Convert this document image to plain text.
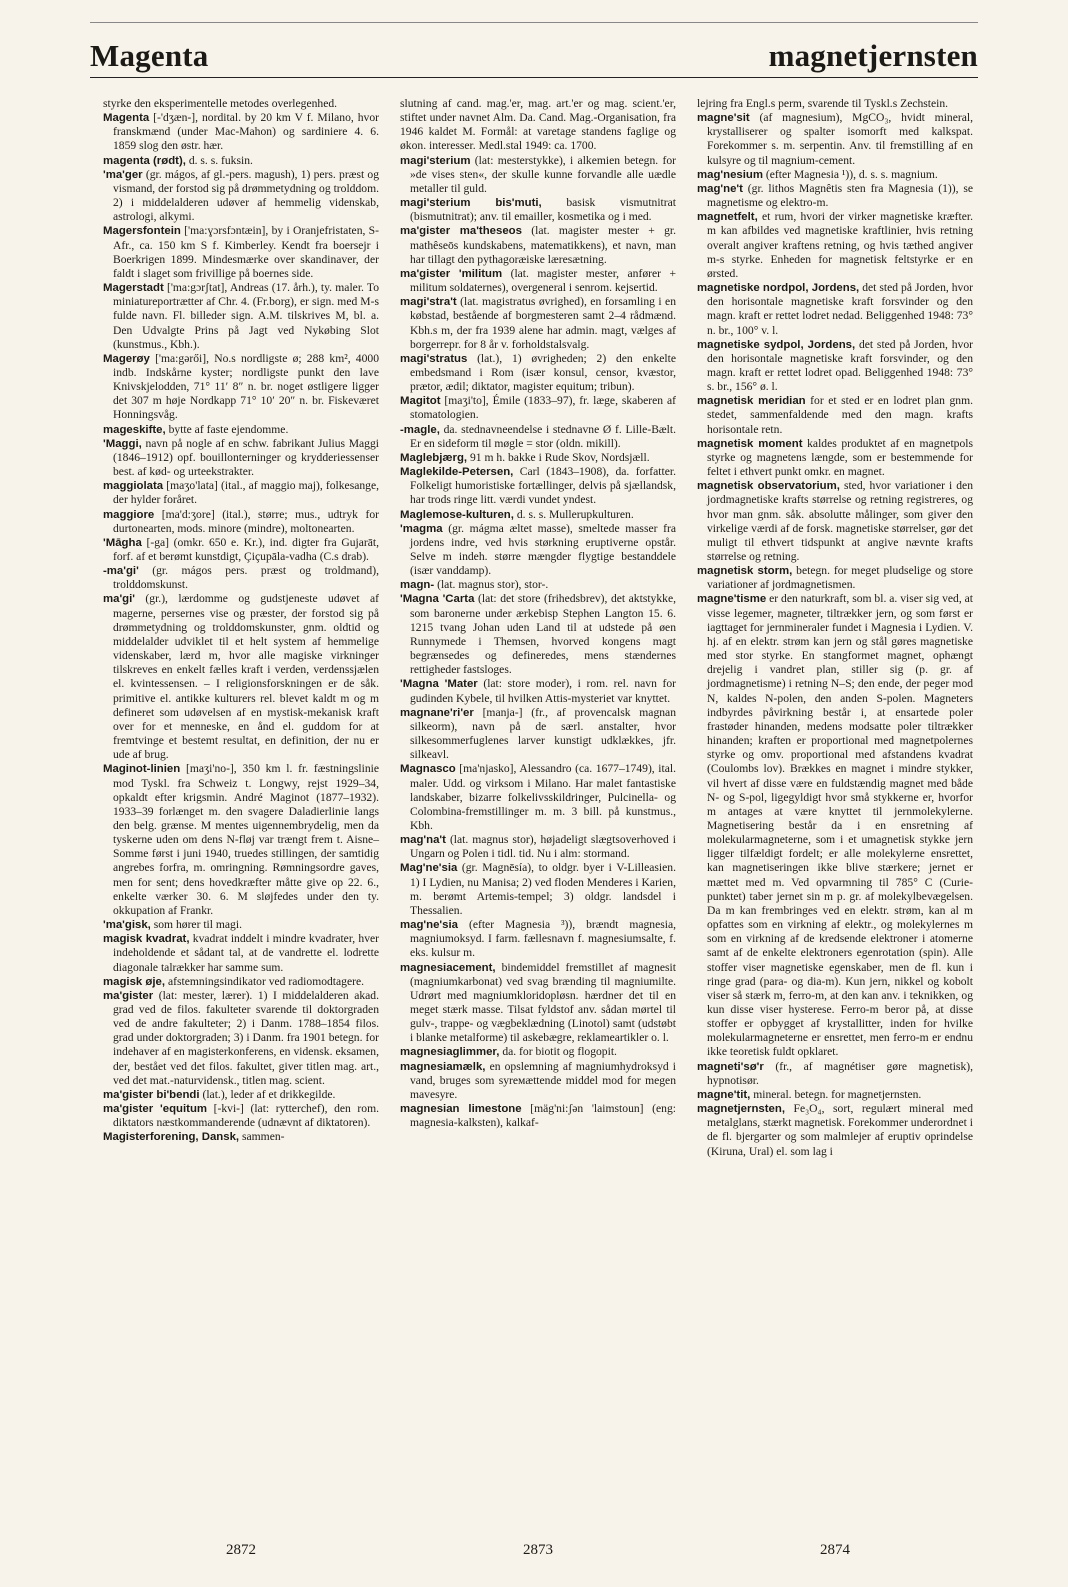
Magenta	magnetjernsten

styrke den eksperimentelle metodes overlegenhed.

Magenta [-'dʒæn-], nordital. by 20 km V f. Milano, hvor franskmænd (under Mac-Mahon) og sardiniere 4. 6. 1859 slog den østr. hær.

magenta (rødt), d. s. s. fuksin.

'ma'ger (gr. mágos, af gl.-pers. magush), 1) pers. præst og vismand, der forstod sig på drømmetydning og trolddom. 2) i middelalderen udøver af hemmelig videnskab, astrologi, alkymi.

Magersfontein ['ma:ɣɔrsfɔntæin], by i Oranjefristaten, S-Afr., ca. 150 km S f. Kimberley. Kendt fra boersejr i Boerkrigen 1899. Mindesmærke over skandinaver, der faldt i slaget som frivillige på boernes side.

Magerstadt ['ma:gɔrʃtat], Andreas (17. årh.), ty. maler. To miniatureportrætter af Chr. 4. (Fr.borg), er sign. med M-s fulde navn. Fl. billeder sign. A.M. tilskrives M, bl. a. Den Udvalgte Prins på Jagt ved Nykøbing Slot (kunstmus., Kbh.).

Magerøy ['ma:gərői], No.s nordligste ø; 288 km², 4000 indb. Indskårne kyster; nordligste punkt den lave Knivskjelodden, 71° 11′ 8″ n. br. noget østligere ligger det 307 m høje Nordkapp 71° 10′ 20″ n. br. Fiskeværet Honningsvåg.

mageskifte, bytte af faste ejendomme.

'Maggi, navn på nogle af en schw. fabrikant Julius Maggi (1846–1912) opf. bouillonterninger og krydderiessenser best. af kød- og urteekstrakter.

maggiolata [maʒo'lata] (ital., af maggio maj), folkesange, der hylder foråret.

maggiore [ma'd:ʒore] (ital.), større; mus., udtryk for durtonearten, mods. minore (mindre), moltonearten.

'Māgha [-ga] (omkr. 650 e. Kr.), ind. digter fra Gujarāt, forf. af et berømt kunstdigt, Çiçupāla-vadha (C.s drab).

-ma'gi' (gr. mágos pers. præst og troldmand), trolddomskunst.

ma'gi' (gr.), lærdomme og gudstjeneste udøvet af magerne, persernes vise og præster, der forstod sig på drømmetydning og trolddomskunster, gnm. oldtid og middelalder udviklet til et helt system af hemmelige videnskaber, lærd m, hvor alle magiske virkninger tilskreves en enkelt fælles kraft i verden, verdenssjælen el. kvintessensen. – I religionsforskningen er de såk. primitive el. antikke kulturers rel. blevet kaldt m og m defineret som udøvelsen af en mystisk-mekanisk kraft over for et menneske, en ånd el. guddom for at fremtvinge et bestemt resultat, en definition, der nu er ude af brug.

Maginot-linien [maʒi'no-], 350 km l. fr. fæstningslinie mod Tyskl. fra Schweiz t. Longwy, rejst 1929–34, opkaldt efter krigsmin. André Maginot (1877–1932). 1933–39 forlænget m. den svagere Daladierlinie langs den belg. grænse. M mentes uigennembrydelig, men da tyskerne uden om dens N-fløj var trængt frem t. Aisne–Somme først i juni 1940, truedes stillingen, der samtidig angrebes forfra, m. omringning. Rømningsordre gaves, men for sent; dens hovedkræfter måtte give op 22. 6., enkelte værker 30. 6. M sløjfedes under den ty. okkupation af Frankr.

'ma'gisk, som hører til magi.

magisk kvadrat, kvadrat inddelt i mindre kvadrater, hver indeholdende et sådant tal, at de vandrette el. lodrette diagonale talrækker har samme sum.

magisk øje, afstemningsindikator ved radiomodtagere.

ma'gister (lat: mester, lærer). 1) I middelalderen akad. grad ved de filos. fakulteter svarende til doktorgraden ved de andre fakulteter; 2) i Danm. 1788–1854 filos. grad under doktorgraden; 3) i Danm. fra 1901 betegn. for indehaver af en magisterkonferens, en vidensk. eksamen, der, bestået ved det filos. fakultet, giver titlen mag. art., ved det mat.-naturvidensk., titlen mag. scient.

ma'gister bi'bendi (lat.), leder af et drikkegilde.

ma'gister 'equitum [-kvi-] (lat: rytterchef), den rom. diktators næstkommanderende (udnævnt af diktatoren).

Magisterforening, Dansk, sammen-

slutning af cand. mag.'er, mag. art.'er og mag. scient.'er, stiftet under navnet Alm. Da. Cand. Mag.-Organisation, fra 1946 kaldet M. Formål: at varetage standens faglige og økon. interesser. Medl.stal 1949: ca. 1700.

magi'sterium (lat: mesterstykke), i alkemien betegn. for »de vises sten«, der skulle kunne forvandle alle uædle metaller til guld.

magi'sterium bis'muti, basisk vismutnitrat (bismutnitrat); anv. til emailler, kosmetika og i med.

ma'gister ma'theseos (lat. magister mester + gr. mathêseōs kundskabens, matematikkens), et navn, man har tillagt den pythagoræiske læresætning.

ma'gister 'militum (lat. magister mester, anfører + militum soldaternes), overgeneral i senrom. kejsertid.

magi'stra't (lat. magistratus øvrighed), en forsamling i en købstad, bestående af borgmesteren samt 2–4 rådmænd. Kbh.s m, der fra 1939 alene har admin. magt, vælges af borgerrepr. for 8 år v. forholdstalsvalg.

magi'stratus (lat.), 1) øvrigheden; 2) den enkelte embedsmand i Rom (især konsul, censor, kvæstor, prætor, ædil; diktator, magister equitum; tribun).

Magitot [maʒi'to], Émile (1833–97), fr. læge, skaberen af stomatologien.

-magle, da. stednavneendelse i stednavne Ø f. Lille-Bælt. Er en sideform til møgle = stor (oldn. mikill).

Maglebjærg, 91 m h. bakke i Rude Skov, Nordsjæll.

Maglekilde-Petersen, Carl (1843–1908), da. forfatter. Folkeligt humoristiske fortællinger, delvis på sjællandsk, har trods ringe litt. værdi vundet yndest.

Maglemose-kulturen, d. s. s. Mullerupkulturen.

'magma (gr. mágma æltet masse), smeltede masser fra jordens indre, ved hvis størkning eruptiverne opstår. Selve m indeh. større mængder flygtige bestanddele (især vanddamp).

magn- (lat. magnus stor), stor-.

'Magna 'Carta (lat: det store (frihedsbrev), det aktstykke, som baronerne under ærkebisp Stephen Langton 15. 6. 1215 tvang Johan uden Land til at udstede på øen Runnymede i Themsen, hvorved kongens magt begrænsedes og defineredes, mens stændernes rettigheder fastsloges.

'Magna 'Mater (lat: store moder), i rom. rel. navn for gudinden Kybele, til hvilken Attis-mysteriet var knyttet.

magnane'ri'er [manja-] (fr., af provencalsk magnan silkeorm), navn på de særl. anstalter, hvor silkesommerfuglenes larver kunstigt udklækkes, jfr. silkeavl.

Magnasco [ma'njasko], Alessandro (ca. 1677–1749), ital. maler. Udd. og virksom i Milano. Har malet fantastiske landskaber, bizarre folkelivsskildringer, Pulcinella- og Colombina-fremstillinger m. m. 3 bill. på kunstmus., Kbh.

mag'na't (lat. magnus stor), højadeligt slægtsoverhoved i Ungarn og Polen i tidl. tid. Nu i alm: stormand.

Mag'ne'sia (gr. Magnēsía), to oldgr. byer i V-Lilleasien. 1) I Lydien, nu Manisa; 2) ved floden Menderes i Karien, m. berømt Artemis-tempel; 3) oldgr. landsdel i Thessalien.

mag'ne'sia (efter Magnesia ³)), brændt magnesia, magniumoksyd. I farm. fællesnavn f. magnesiumsalte, f. eks. kulsur m.

magnesiacement, bindemiddel fremstillet af magnesit (magniumkarbonat) ved svag brænding til magniumilte. Udrørt med magniumkloridopløsn. hærdner det til en meget stærk masse. Tilsat fyldstof anv. sådan mørtel til gulv-, trappe- og vægbeklædning (Linotol) samt (udstøbt i blanke metalforme) til askebægre, reklameartikler o. l.

magnesiaglimmer, da. for biotit og flogopit.

magnesiamælk, en opslemning af magniumhydroksyd i vand, bruges som syreмættende middel mod for megen mavesyre.

magnesian limestone [mäg'ni:ʃən 'laimstoun] (eng: magnesia-kalksten), kalkaf-

lejring fra Engl.s perm, svarende til Tyskl.s Zechstein.

magne'sit (af magnesium), MgCO₃, hvidt mineral, krystalliserer og spalter isomorft med kalkspat. Forekommer s. m. serpentin. Anv. til fremstilling af en kulsyre og til magnium-cement.

mag'nesium (efter Magnesia ¹)), d. s. s. magnium.

mag'ne't (gr. lithos Magnêtis sten fra Magnesia (1)), se magnetisme og elektro-m.

magnetfelt, et rum, hvori der virker magnetiske kræfter. m kan afbildes ved magnetiske kraftlinier, hvis retning overalt angiver kraftens retning, og hvis tæthed angiver m-s styrke. Enheden for magnetisk feltstyrke er en ørsted.

magnetiske nordpol, Jordens, det sted på Jorden, hvor den horisontale magnetiske kraft forsvinder og den magn. kraft er rettet lodret nedad. Beliggenhed 1948: 73° n. br., 100° v. l.

magnetiske sydpol, Jordens, det sted på Jorden, hvor den horisontale magnetiske kraft forsvinder, og den magn. kraft er rettet lodret opad. Beliggenhed 1948: 73° s. br., 156° ø. l.

magnetisk meridian for et sted er en lodret plan gnm. stedet, sammenfaldende med den magn. krafts horisontale retn.

magnetisk moment kaldes produktet af en magnetpols styrke og magnetens længde, som er bestemmende for feltet i ethvert punkt omkr. en magnet.

magnetisk observatorium, sted, hvor variationer i den jordmagnetiske krafts størrelse og retning registreres, og hvor man gnm. såk. absolutte målinger, som giver den virkelige værdi af de forsk. magnetiske størrelser, gør det muligt til ethvert tidspunkt at angive nævnte krafts størrelse og retning.

magnetisk storm, betegn. for meget pludselige og store variationer af jordmagnetismen.

magne'tisme er den naturkraft, som bl. a. viser sig ved, at visse legemer, magneter, tiltrækker jern, og som først er iagttaget for jernmineraler fundet i Magnesia i Lydien. V. hj. af en elektr. strøm kan jern og stål gøres magnetiske med stor styrke. En stangformet magnet, ophængt drejelig i vandret plan, stiller sig (p. gr. af jordmagnetisme) i retning N–S; den ende, der peger mod N, kaldes N-polen, den anden S-polen. Magneters indbyrdes påvirkning består i, at ensartede poler frastøder hinanden, medens modsatte poler tiltrækker hinanden; kraften er proportional med magnetpolernes styrke og omv. proportional med afstandens kvadrat (Coulombs lov). Brækkes en magnet i mindre stykker, vil hvert af disse være en fuldstændig magnet med både N- og S-pol, ligegyldigt hvor små stykkerne er, hvorfor m antages at være knyttet til jernmolekylerne. Magnetisering består da i en ensretning af molekularmagneterne, som i et umagnetisk stykke jern ligger tilfældigt fordelt; er alle molekylerne ensrettet, kan magnetiseringen ikke blive stærkere; jernet er mættet med m. Ved opvarmning til 785° C (Curie-punktet) taber jernet sin m p. gr. af molekylbevægelsen. Da m kan frembringes ved en elektr. strøm, kan al m opfattes som en virkning af elektr., og molekylernes m som en virkning af de kredsende elektroner i atomerne samt af de enkelte elektroners egenrotation (spin). Alle stoffer viser magnetiske egenskaber, men de fl. kun i ringe grad (para- og dia-m). Kun jern, nikkel og kobolt viser så stærk m, ferro-m, at den kan anv. i teknikken, og kun disse viser hysterese. Ferro-m beror på, at disse stoffer er opbygget af krystallitter, inden for hvilke molekularmagneterne er ensrettet, men ferro-m er endnu ikke teoretisk fuldt opklaret.

magneti'sø'r (fr., af magnétiser gøre magnetisk), hypnotisør.

magne'tit, mineral. betegn. for magnetjernsten.

magnetjernsten, Fe₃O₄, sort, regulært mineral med metalglans, stærkt magnetisk. Forekommer underordnet i de fl. bjergarter og som malmlejer af eruptiv oprindelse (Kiruna, Ural) el. som lag i

2872	2873	2874
